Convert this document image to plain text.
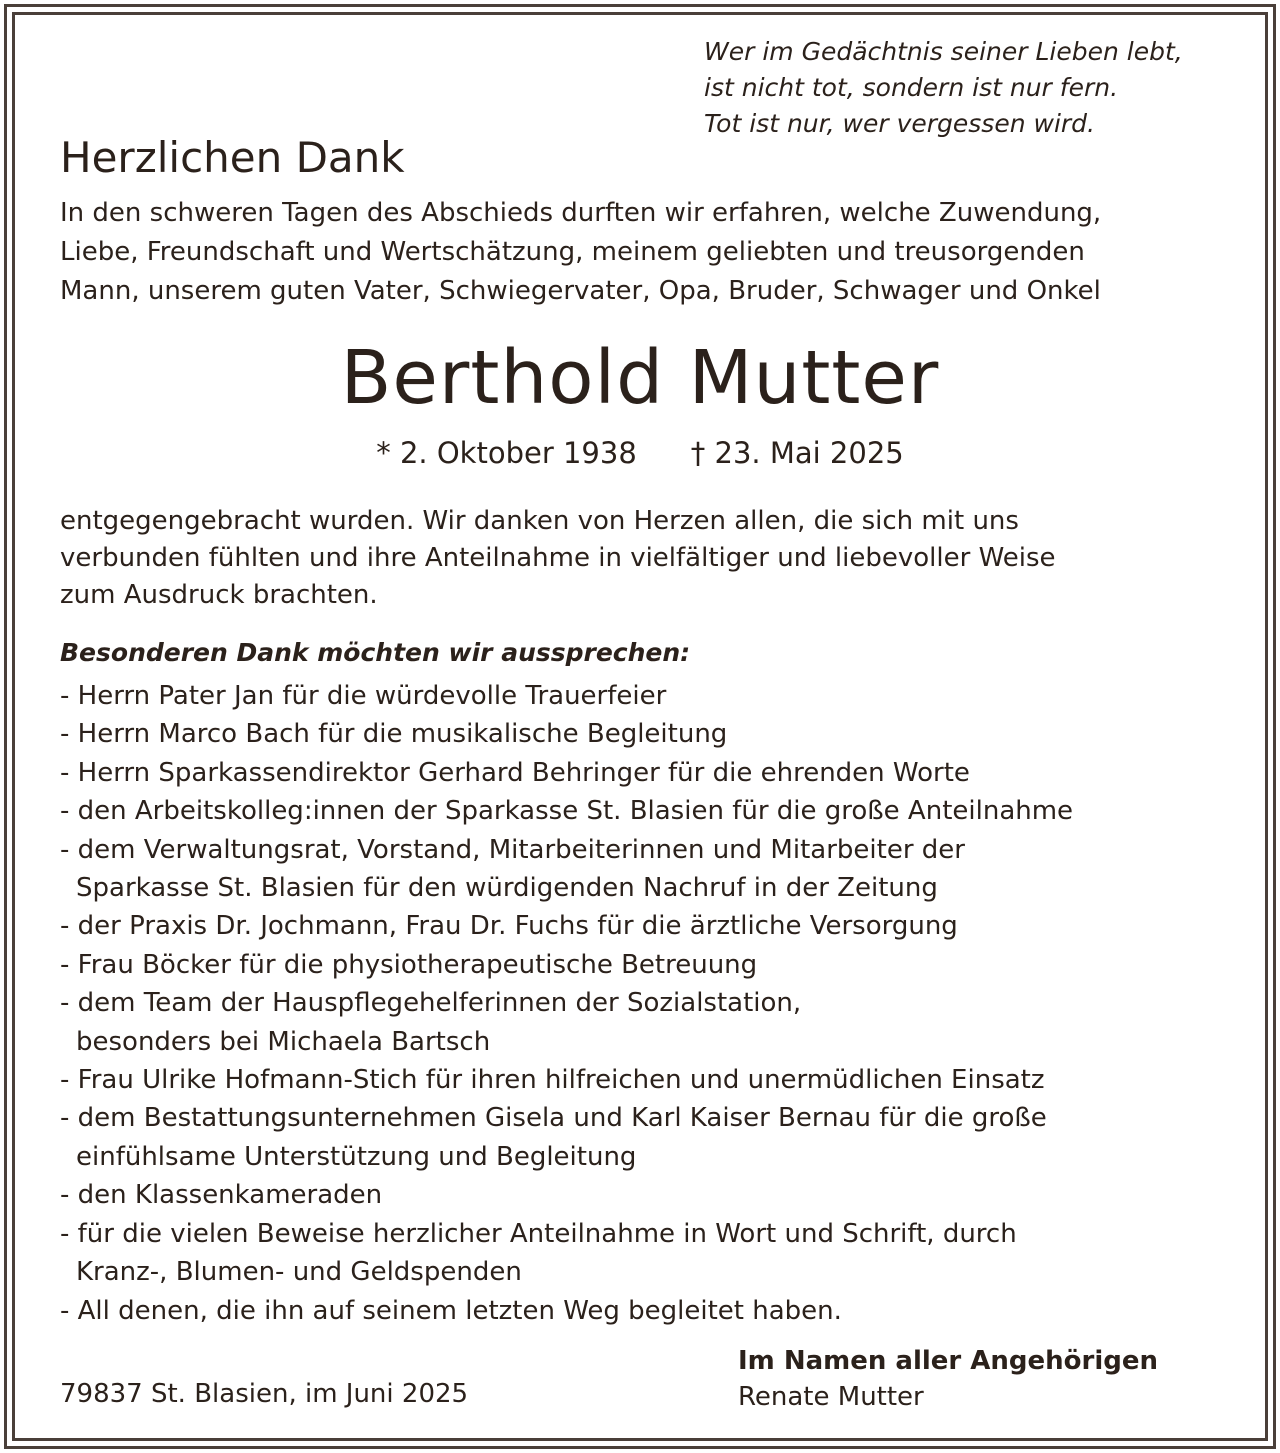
Wer im Gedächtnis seiner Lieben lebt,
ist nicht tot, sondern ist nur fern.
Tot ist nur, wer vergessen wird.
Herzlichen Dank
In den schweren Tagen des Abschieds durften wir erfahren, welche Zuwendung,
Liebe, Freundschaft und Wertschätzung, meinem geliebten und treusorgenden
Mann, unserem guten Vater, Schwiegervater, Opa, Bruder, Schwager und Onkel
Berthold Mutter
* 2. Oktober 1938 † 23. Mai 2025
entgegengebracht wurden. Wir danken von Herzen allen, die sich mit uns
verbunden fühlten und ihre Anteilnahme in vielfältiger und liebevoller Weise
zum Ausdruck brachten.
Besonderen Dank möchten wir aussprechen:
- Herrn Pater Jan für die würdevolle Trauerfeier
- Herrn Marco Bach für die musikalische Begleitung
- Herrn Sparkassendirektor Gerhard Behringer für die ehrenden Worte
- den Arbeitskolleg:innen der Sparkasse St. Blasien für die große Anteilnahme
- dem Verwaltungsrat, Vorstand, Mitarbeiterinnen und Mitarbeiter der
Sparkasse St. Blasien für den würdigenden Nachruf in der Zeitung
- der Praxis Dr. Jochmann, Frau Dr. Fuchs für die ärztliche Versorgung
- Frau Böcker für die physiotherapeutische Betreuung
- dem Team der Hauspflegehelferinnen der Sozialstation,
besonders bei Michaela Bartsch
- Frau Ulrike Hofmann-Stich für ihren hilfreichen und unermüdlichen Einsatz
- dem Bestattungsunternehmen Gisela und Karl Kaiser Bernau für die große
einfühlsame Unterstützung und Begleitung
- den Klassenkameraden
- für die vielen Beweise herzlicher Anteilnahme in Wort und Schrift, durch
Kranz-, Blumen- und Geldspenden
- All denen, die ihn auf seinem letzten Weg begleitet haben.
79837 St. Blasien, im Juni 2025
Im Namen aller Angehörigen
Renate Mutter
